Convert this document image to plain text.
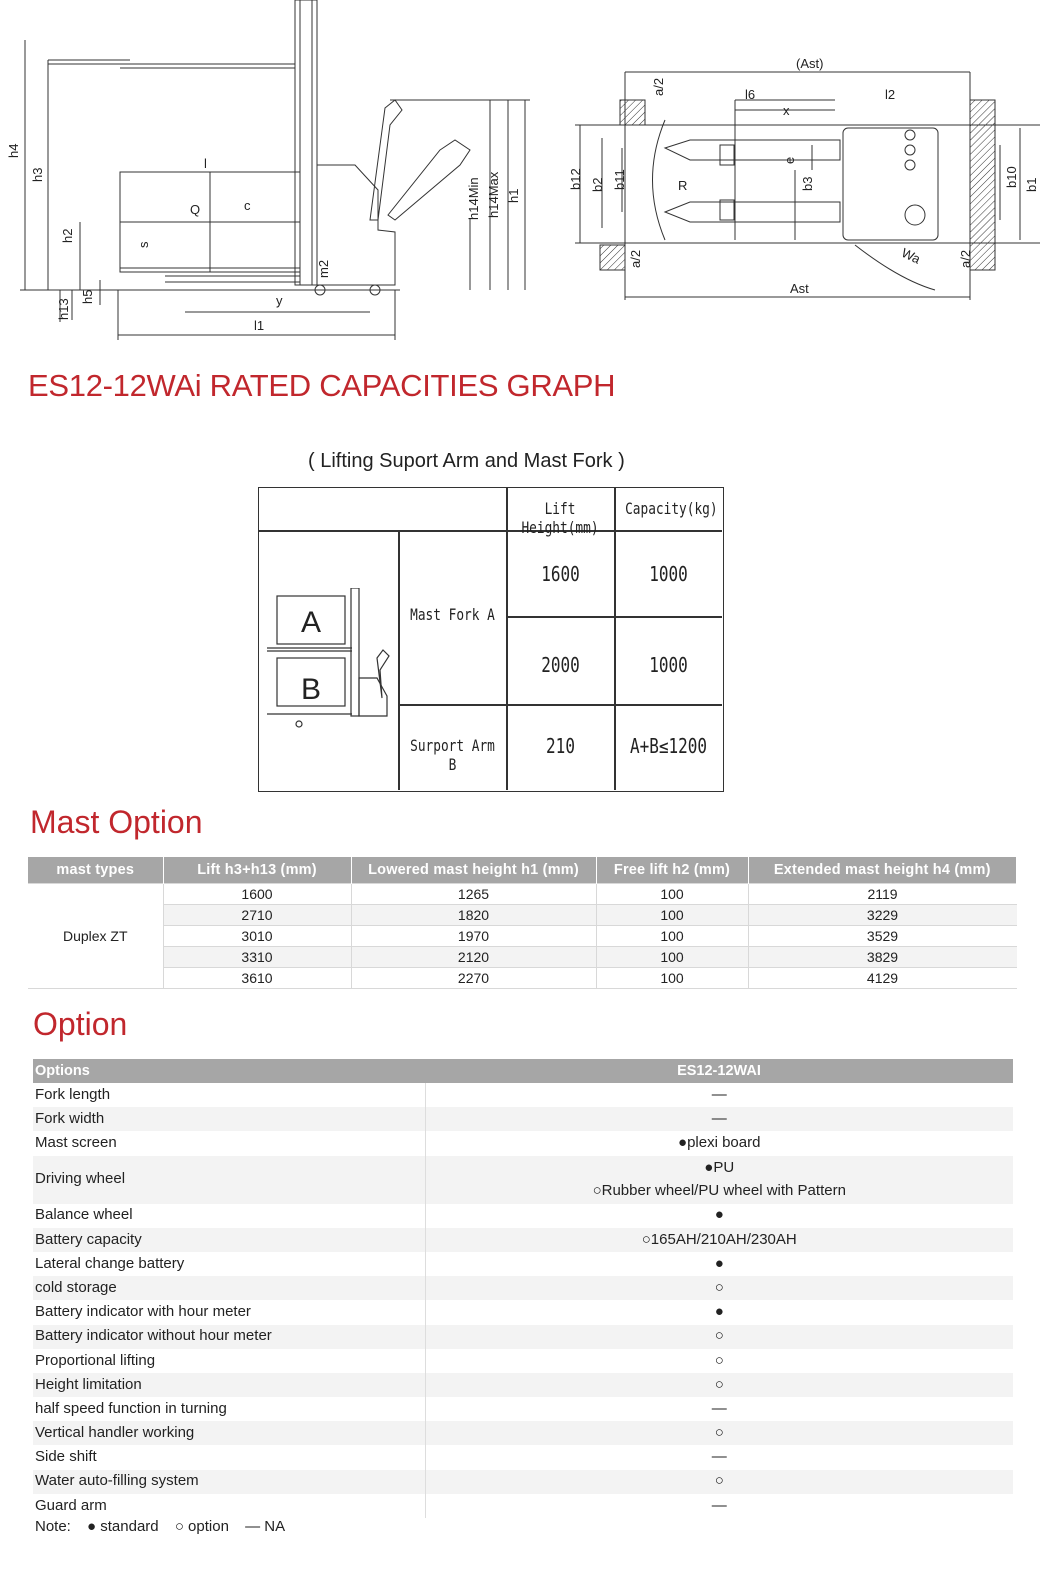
h4
h3
h2
h13
h5
Q	c
l
s
y
l1
m2
h14Min h14Max h1
(Ast)
a/2	l6	l2
x
e
R
b12 b2 b11	b3	b10 b1
Wa
a/2	a/2
Ast
ES12-12WAi RATED CAPACITIES GRAPH
( Lifting Suport Arm and Mast Fork )
Lift Height(mm)
Capacity(kg)
A
B
Mast Fork A
Surport Arm B
1600	1000
2000	1000
210	A+B≤1200
Mast Option
mast types	Lift h3+h13 (mm)	Lowered mast height h1 (mm)	Free lift h2 (mm)	Extended mast height h4 (mm)
Duplex ZT	1600	1265	100	2119
	2710	1820	100	3229
	3010	1970	100	3529
	3310	2120	100	3829
	3610	2270	100	4129
Option
Options	ES12-12WAI
Fork length	—
Fork width	—
Mast screen	●plexi board
Driving wheel	●PU
○Rubber wheel/PU wheel with Pattern

Balance wheel	●
Battery capacity	○165AH/210AH/230AH
Lateral change battery	●
cold storage	○
Battery indicator with hour meter	●
Battery indicator without hour meter	○
Proportional lifting	○
Height limitation	○
half speed function in turning	—
Vertical handler working	○
Side shift	—
Water auto-filling system	○
Guard arm	—
Note: ● standard ○ option — NA
